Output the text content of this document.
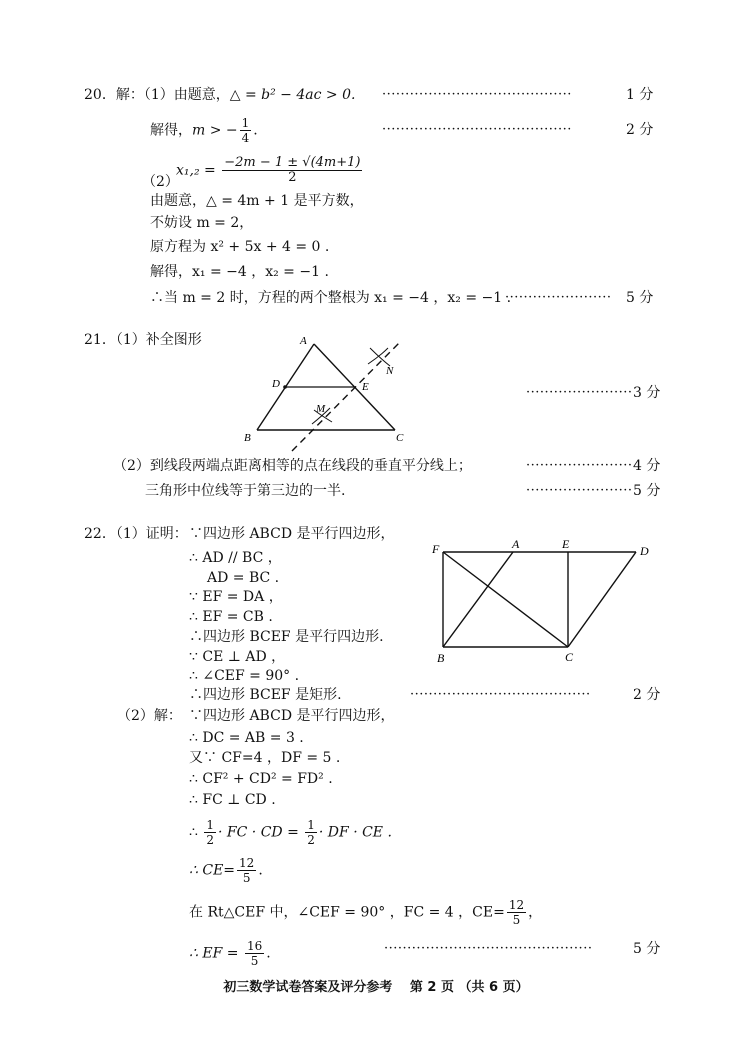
20．解：（1）由题意，△ = b² − 4ac > 0. ·········································	1 分
解得，m > − $\frac{1}{4}$ .	·········································	2 分
$x_1,_2 = \frac{-2m - 1 \pm √(4m+1)}{2}$
（2）
由题意，△ = 4m + 1 是平方数，
不妨设 m = 2，
原方程为 x² + 5x + 4 = 0 .
解得，x₁ = −4 ，x₂ = −1 .
∴当 m = 2 时，方程的两个整根为 x₁ = −4 ，x₂ = −1 .
······················· 5 分
21．（1）补全图形	A
D	E
N
M
B	C
······················· 3 分
（2）到线段两端点距离相等的点在线段的垂直平分线上；	······················· 4 分
三角形中位线等于第三边的一半.	······················· 5 分
22．（1）证明： ∵四边形 ABCD 是平行四边形，
∴ AD // BC ，
AD = BC .
∵ EF = DA ，
∴ EF = CB .
∴四边形 BCEF 是平行四边形.
∵ CE ⊥ AD ，
∴ ∠CEF = 90° .
∴四边形 BCEF 是矩形.	·······································	2 分
F	A	E	D
B	C
（2）解： ∵四边形 ABCD 是平行四边形，
∴ DC = AB = 3 .
又∵ CF=4 ，DF = 5 .
∴ CF² + CD² = FD² .
∴ FC ⊥ CD .
∴ $\frac{1}{2}$ · FC · CD = $\frac{1}{2}$ · DF · CE .
∴ $CE= \frac{12}{5}$ .
在 Rt△CEF 中，∠CEF = 90° ，FC = 4 ，$CE= \frac{12}{5}$ ，
∴ EF = $\frac{16}{5}$ .	·············································	5 分
初三数学试卷答案及评分参考　 第 2 页 （共 6 页）
